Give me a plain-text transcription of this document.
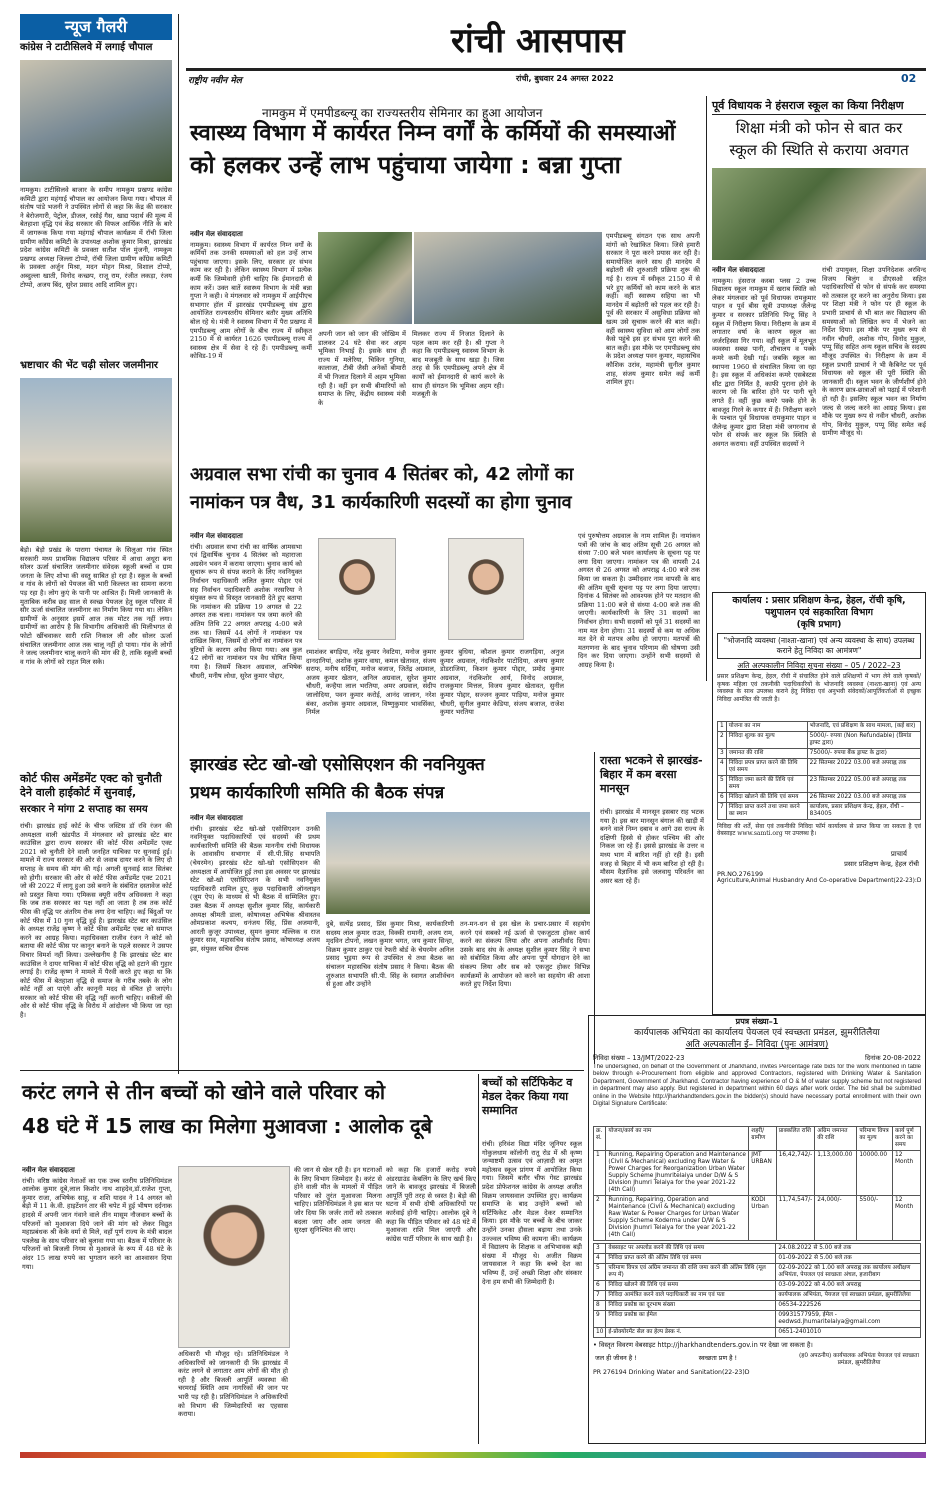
रांची आसपास
राष्ट्रीय नवीन मेल	रांची, बुधवार 24 अगस्त 2022	02
न्यूज गैलरी
कांग्रेस ने टाटीसिलवे में लगाई चौपाल
नामकुम। टाटीसिलवे बाजार के समीप नामकुम प्रखण्ड कांग्रेस कमिटी द्वारा महंगाई चौपाल का आयोजन किया गया। चौपाल में संतोष पांडे भजनी ने उपस्थित लोगों से कहा कि केंद्र की सरकार ने बेरोजगारी, पेट्रोल, डीजल, रसोई गैस, खाद्य पदार्थ की मूल्य में बेतहाशा वृद्धि एवं केंद्र सरकार की विफल आर्थिक नीति के बारे में जागरूक किया गया महंगाई चौपाल कार्यक्रम में रॉची जिला ग्रामीण कॉंग्रेस कमिटी के उपाध्यक्ष अशोक कुमार मिश्रा, झारखंड प्रदेश कांग्रेस कमिटी के प्रवक्ता सतीश पॉल मुंजनी, नामकुम प्रखण्ड अध्यक्ष जिल्ला टोप्पो, रॉची जिला ग्रामीण कॉंग्रेस कमिटी के प्रवक्ता अर्जुन मिश्रा, मदन मोहन मिश्रा, विशाल टोप्पो, अब्दुल्ला खाती, विनोद कच्छप, राजू राम, रंजीत लकड़ा, रंजय टोप्पो, अजय बिंद, सुरेश प्रसाद आदि शामिल हुए।
भ्रष्टाचार की भेंट चढ़ी सोलर जलमीनार
बेड़ो। बेड़ो प्रखंड के पारागा पंचायत के सिलुआ गांव स्थित सरकारी मध्य प्राथमिक विद्यालय परिसर में आधा अधूरा बना सोलर ऊर्जा संचालित जलमीनार संवेदक स्कूली बच्चों व ग्राम जनता के लिए शोभा की वस्तु साबित हो रहा है। स्कूल के बच्चों व गांव के लोगों को पेयजल की भारी किल्लत का सामना करना पड़ रहा है। लोग कुएं के पानी पर आश्रित हैं। मिली जानकारी के मुताबिक करीब छह साल से स्वच्छ पेयजल हेतु स्कूल परिसर में सौर ऊर्जा संचालित जलमीनार का निर्माण किया गया था। लेकिन ग्रामीणों के अनुसार इसमें आज तक मोटर तक नहीं लगा। ग्रामीणों का आरोप है कि विभागीय अधिकारी की मिलीभगत से फोटो खींचवाकर सारी राशि निकाल ली और सोलर ऊर्जा संचालित जलमीनार आज तक चालू नहीं हो पाया। गांव के लोगों ने जल्द जलमीनार चालू कराने की मांग की है, ताकि स्कूली बच्चों व गांव के लोगों को राहत मिल सके।
कोर्ट फीस अमेंडमेंट एक्ट को चुनौती देने वाली हाईकोर्ट में सुनवाई,
सरकार ने मांगा 2 सप्ताह का समय
रांची। झारखंड हाई कोर्ट के चीफ जस्टिस डॉ रवि रंजन की अध्यक्षता वाली खंडपीठ में मंगलवार को झारखंड स्टेट बार काउंसिल द्वारा राज्य सरकार की कोर्ट फीस अमेंडमेंट एक्ट 2021 को चुनौती देने वाली जनहित याचिका पर सुनवाई हुई। मामले में राज्य सरकार की ओर से जवाब दायर करने के लिए दो सप्ताह के समय की मांग की गई। अगली सुनवाई सात सितंबर को होगी। सरकार की ओर से कोर्ट फीस अमेंडमेंट एक्ट 2021 जो की 2022 में लागू हुआ उसे बनाने के संबंधित दस्तावेज कोर्ट को प्रस्तुत किया गया। एमिकस क्यूरी वरीय अधिवक्ता ने कहा कि जब तक सरकार का पक्ष नहीं आ जाता है तब तक कोर्ट फीस की वृद्धि पर अंतरिम रोक लगा देना चाहिए। कई बिंदुओं पर कोर्ट फीस में 10 गुना वृद्धि हुई है। झारखंड स्टेट बार काउंसिल के अध्यक्ष राजेंद्र कृष्ण ने कोर्ट फीस अमेंडमेंट एक्ट को समाप्त करने का आग्रह किया। महाधिवक्ता राजीव रंजन ने कोर्ट को बताया की कोर्ट फीस पर कानून बनाने के पहले सरकार ने उसपर विचार विमर्श नहीं किया। उल्लेखनीय है कि झारखंड स्टेट बार काउंसिल ने दायर याचिका में कोर्ट फीस वृद्धि को हटाने की गुहार लगाई है। राजेंद्र कृष्ण ने मामले में पैरवी करते हुए कहा था कि कोर्ट फीस में बेतहाशा वृद्धि से समाज के गरीब तबके के लोग कोर्ट नहीं आ पाएंगे और कानूनी मदद से वंचित हो जाएंगे। सरकार को कोर्ट फीस की वृद्धि नहीं करनी चाहिए। वकीलों की ओर से कोर्ट फीस वृद्धि के विरोध में आंदोलन भी किया जा रहा है।
नामकुम में एमपीडब्ल्यू का राज्यस्तरीय सेमिनार का हुआ आयोजन
स्वास्थ्य विभाग में कार्यरत निम्न वर्गों के कर्मियों की समस्याओं
को हलकर उन्हें लाभ पहुंचाया जायेगा : बन्ना गुप्ता
नवीन मेल संवाददाता
नामकुम। स्वास्थ्य विभाग में कार्यरत निम्न वर्गों के कर्मियों तक उनकी समस्याओं को हल उन्हें लाभ पहुंचाया जाएगा। इसके लिए, सरकार हर संभव काम कर रही है। लेकिन स्वास्थ्य विभाग में प्रत्येक कर्मी कि जिम्मेवारी होनी चाहिए कि ईमानदारी से काम करें। उक्त बातें स्वास्थ्य विभाग के मंत्री बन्ना गुप्ता ने कही। वे मंगलवार को नामकुम में आईपीएच सभागार हॉल में झारखंड एमपीडब्ल्यू संघ द्वारा आयोजित राज्यस्तरीय सेमिनार बतौर मुख्य अतिथि बोल रहे थे। मंत्री ने स्वास्थ्य विभाग में पैरा प्रखण्ड में एमपीडब्ल्यू आम लोगों के बीच राज्य में स्वीकृत 2150 में से कार्यरत 1626 एमपीडब्ल्यू राज्य में स्वास्थ्य क्षेत्र में सेवा दे रहे हैं। एमपीडब्ल्यू कर्मी कोविड-19 में
अपनी जान को जान की जोखिम में डालकर 24 घंटे सेवा कर अहम भूमिका निभाई है। इसके साथ ही राज्य में मलेरिया, चिकिन गुनिया, कालाजा, टीबी जैसी अनेकों बीमारी में भी निजात दिलाने में अहम भूमिका रही है। वहीं इन सभी बीमारियों को समाप्त के लिए, केंद्रीय स्वास्थ्य मंत्री के
मिलकर राज्य में निजात दिलाने के पहल काम कर रही है। श्री गुप्ता ने कहा कि एमपीडब्ल्यू स्वास्थ्य विभाग के बाद मजबूती के साथ खड़ा है। जिस तरह से कि एमपीडब्ल्यू अपने क्षेत्र में कार्यों को ईमानदारी से कार्य करने के साथ ही संगठन कि भूमिका अहम रही। मजबूती के
एमपीडब्ल्यू संगठन एक साथ अपनी मांगों को रेखांकित किया। जिसे हमारी सरकार ने पूरा करने प्रयास कर रही है। समायोजित करने साथ ही मानदेय में बढ़ोतरी की शुरुआती प्रक्रिया शुरू की गई है। राज्य में स्वीकृत 2150 में से भरे हुए कर्मियों को काम करने के बात कहीं। वहीं स्वास्थ्य सहिया का भी मानदेय में बढ़ोतरी को पहल कर रही है। पूर्व की सरकार में असुविधा प्रक्रिया को खत्म उसे सुचारू करने की बात कही। वहीं स्वास्थ्य सुविधा को आम लोगों तक कैसे पहुंचे इस हर संभव पूरा करने की बात कही। इस मौके पर एमपीडब्ल्यू संघ के प्रदेश अध्यक्ष पवन कुमार, महासचिव कौशिक उरांव, महामंत्री सुनील कुमार शाह, संजय कुमार समेत कई कर्मी शामिल हुए।
अग्रवाल सभा रांची का चुनाव 4 सितंबर को, 42 लोगों का
नामांकन पत्र वैध, 31 कार्यकारिणी सदस्यों का होगा चुनाव
नवीन मेल संवाददाता
रांची। अग्रवाल सभा रांची का वार्षिक आमसभा एवं द्विवार्षिक चुनाव 4 सितंबर को महाराजा अग्रसेन भवन में कराया जाएगा। चुनाव कार्य को सुचारू रूप से संपन्न कराने के लिए नवनियुक्त निर्वाचन पदाधिकारी ललित कुमार पोद्दार एवं सह निर्वाचन पदाधिकारी अशोक नरसरिया ने संयुक्त रूप से विस्तृत जानकारी देते हुए बताया कि नामांकन की प्रक्रिया 19 अगस्त से 22 अगस्त तक चला। नामांकन पत्र जमा करने की अंतिम तिथि 22 अगस्त अपराह्न 4:00 बजे तक था। जिसमें 44 लोगों ने नामांकन पत्र दाखिल किया, जिसमें दो लोगों का नामांकन पत्र त्रुटियों के कारण अवैध किया गया। अब कुल 42 लोगों का नामांकन पत्र वैध घोषित किया गया है। जिसमें किशन अग्रवाल, अभिषेक चौधरी, मनीष लोधा, सुरेश कुमार पोद्दार,
रमाशंकर बगड़िया, नरेंद्र कुमार नेवटिया, मनोज कुमार दानदानियां, अशोक कुमार वाघा, कमल खेतावत, संजय सराफ, मनीष सर्दिया, मनोज बजाज, जितेंद्र अग्रवाल, अजय कुमार खेतान, अनिल अग्रवाल, सुरेश कुमार चौधरी, कन्हैया लाल भरतिया, अमर अग्रवाल, संदीप जालोदिया, पवन कुमार करोई, आनंद जालान, नरेश बंका, अशोक कुमार अग्रवाल, विष्णुकुमार भावसिंका, निर्मल
कुमार बुधिया, कौशल कुमार राजगड़िया, अनुज कुमार अग्रवाल, नंदकिशोर पाटोदिया, अजय कुमार डोडराजिया, किशन कुमार पोद्दार, प्रमोद कुमार अग्रवाल, नंदकिशोर आर्य, विनोद अग्रवाल, राजकुमार मित्तल, विजय कुमार खेतावत, सुनील कुमार पोद्दार, सज्जन कुमार पाड़िया, मनोज कुमार चौधरी, सुनील कुमार केडिया, संजय बजाज, राजेश कुमार भरतिया
एवं पुरुषोत्तम अग्रवाल के नाम शामिल हैं। नामांकन पत्रों की जांच के बाद अंतिम सूची 26 अगस्त को संध्या 7:00 बजे भवन कार्यालय के सूचना पट्ट पर लगा दिया जाएगा। नामांकन पत्र की वापसी 24 अगस्त से 26 अगस्त को अपराह्न 4:00 बजे तक किया जा सकता है। उम्मीदवार नाम वापसी के बाद की अंतिम सूची सूचना पट्ट पर लगा दिया जाएगा। दिनांक 4 सितंबर को आवश्यक होने पर मतदान की प्रक्रिया 11:00 बजे से संध्या 4:00 बजे तक की जाएगी। कार्यकारिणी के लिए 31 सदस्यों का निर्वाचन होगा। सभी सदस्यों को पूर्व 31 सदस्यों का नाम मत देना होगा। 31 सदस्यों से कम या अधिक मत देने से मतपत्र अवैध हो जाएगा। मतपत्रों की मतगणना के बाद चुनाव परिणाम की घोषणा उसी दिन कर दिया जाएगा। उन्होंने सभी सदस्यों से आग्रह किया है।
झारखंड स्टेट खो-खो एसोसिएशन की नवनियुक्त
प्रथम कार्यकारिणी समिति की बैठक संपन्न
नवीन मेल संवाददाता
रांची। झारखंड स्टेट खो-खो एसोसिएशन उनकी नवनियुक्त पदाधिकारियों एवं सदस्यों की प्रथम कार्यकारिणी समिति की बैठक माननीय रांची विधायक के आवासीय सभागार में सी.पी.सिंह सभापति (चेयरमेन) झारखंड स्टेट खो-खो एसोसिएशन की अध्यक्षता में आयोजित हुई तथा इस अवसर पर झारखंड स्टेट खो-खो एसोसिएशन के सभी नवनियुक्त पदाधिकारी शामिल हुए, कुछ पदाधिकारी ऑनलाइन (ज़ूम ऐप) के माध्यम से भी बैठक में सम्मिलित हुए। उक्त बैठक में अध्यक्ष सुशील कुमार सिंह, कार्यकारी अध्यक्ष श्रीमती डाला, कोषाध्यक्ष अभिषेक श्रीवास्तव ओमप्रकाश कश्यप, धनंजय सिंह, प्रिंस अजमानी, आरती कुजूर उपाध्यक्ष, सुमन कुमार मल्लिक व राज कुमार साव, महासचिव संतोष प्रसाद, कोषाध्यक्ष अजय झा, संयुक्त सचिव दीपक
दुबे, सत्येंद्र प्रसाद, प्रिंस कुमार मिश्रा, कार्यकारिणी सदस्य लाल कुमार राउत, विक्की रामानी, अजय राम, मृदविन टोपनो, लखन कुमार भगत, जय कुमार सिन्हा, विक्रम कुमार ठाकुर एवं रेफरी बोर्ड के चेयरमेन अनिल प्रसाद भुइया रूप से उपस्थित थे तथा बैठक का संचालन महासचिव संतोष प्रसाद ने किया। बैठक की शुरुआत सभापति सी.पी. सिंह के स्वागत आशीर्वचन से हुआ और उन्होंने
तन-मन-धन से इस खेल के प्रचार-प्रसार में सहयोग करने एवं सबको नई ऊर्जा से एकजुटता होकर कार्य करने का संकल्प लिया और अपना आशीर्वाद दिया। उसके बाद संघ के अध्यक्ष सुशील कुमार सिंह ने सभा को संबोधित किया और अपना पूर्ण योगदान देने का संकल्प लिया और सब को एकजुट होकर विभिन्न कार्यक्रमों के आयोजन को करने का सहयोग की आशा करते हुए निर्देश दिया।
रास्ता भटकने से झारखंड-बिहार में कम बरसा मानसून
रांची। झारखंड में मानसून इसबार राह भटक गया है। इस बार मानसून बंगाल की खाड़ी में बनने वाले निम्न दबाव व आगे उस राज्य के दक्षिणी हिस्से से होकर पश्चिम की ओर निकल जा रहे हैं। इससे झारखंड के उत्तर व मध्य भाग में बारिश नहीं हो रही है। इसी वजह से बिहार में भी कम बारिश हो रही है। मौसम वैज्ञानिक इसे जलवायु परिवर्तन का असर बता रहे हैं।
पूर्व विधायक ने हंसराज स्कूल का किया निरीक्षण
शिक्षा मंत्री को फोन से बात कर
स्कूल की स्थिति से कराया अवगत
नवीन मेल संवाददाता
नामकुम। हंसराज कस्बा प्लस 2 उच्च विद्यालय स्कूल नामकुम में खराब स्थिति को लेकर मंगलवार को पूर्व विधायक रामकुमार पाहन व पूर्व बीस सूत्री उपाध्यक्ष जैलेन्द्र कुमार व सरकार प्रतिनिधि पिन्टू सिंह ने स्कूल में निरीक्षण किया। निरीक्षण के क्रम में लगातार वर्षा के कारण स्कूल का जर्जरहिस्सा गिर गया। वहीं स्कूल में मूलभूत व्यवस्था सबछ पानी, शौचालय व पक्के कमरे कमी देखी गई। जबकि स्कूल का स्थापना 1960 से संचालित किया जा रहा है। इस स्कूल में अधिकांश कमरे एसबेस्टस सीट द्वारा निर्मित है, काफी पुराना होने के कारण जो कि बारिश होने पर पानी चूने लगते हैं। वहीं कुछ कमरे पक्के होने के बावजूद गिरने के कगार में हैं। निरीक्षण करने के पश्चात पूर्व विधायक रामकुमार पाहन व जैलेन्द्र कुमार द्वारा शिक्षा मंत्री जगरनाथ से फोन से संपर्क कर स्कूल कि स्थिति से अवगत कराया। वहीं उपस्थित सदस्यों ने
रांची उपायुक्त, शिक्षा उपनिदेशक अरविन्द विजय बिलुंग व डीएसओ सहित पदाधिकारियों से फोन से संपर्क कर समस्या को तत्काल दूर करने का अनुरोध किया। इस पर शिक्षा मंत्री ने फोन पर ही स्कूल के प्रभारी प्राचार्य से भी बात कर विद्यालय की समस्याओं को लिखित रूप में भेजने का निर्देश दिया। इस मौके पर मुख्य रूप से नवीन चौधरी, अशोक गोप, विनोद मुकुल, पप्पू सिंह सहित अन्य स्कूल सचिव के सदस्य मौजूद उपस्थित थे। निरीक्षण के क्रम में स्कूल प्रभारी प्राचार्य ने भी कैबिनेट पर पूर्व विधायक को स्कूल की पूरी स्थिति की जानकारी दी। स्कूल भवन के जीर्णशीर्ण होने के कारण छात्र-छात्राओं को पढ़ाई में परेशानी हो रही है। इसलिए स्कूल भवन का निर्माण जल्द से जल्द करने का आग्रह किया। इस मौके पर मुख्य रूप से नवीन चौधरी, अशोक गोप, विनोद मुकुल, पप्पू सिंह समेत कई ग्रामीण मौजूद थे।
कार्यालय : प्रसार प्रशिक्षण केन्द्र, हेहल, रॉची कृषि, पशुपालन एवं सहकारिता विभाग
(कृषि प्रभाग)
"भोजनादि व्यवस्था (नाश्ता-खाना) एवं अन्य व्यवस्था के साथ) उपलब्ध कराने हेतु निविदा का आमंत्रण"
अति अल्पकालीन निविदा सूचना संख्या – 05 / 2022–23
प्रसार प्रशिक्षण केन्द्र, हेहल, रॉची में संचालित होने वाले प्रशिक्षणों में भाग लेने वाले कृषकों/कृषक महिला एवं तकनीकी पदाधिकारियों के भोजनादि व्यवस्था (नाश्ता-खाना) एवं अन्य व्यवस्था के साथ उपलब्ध कराने हेतु निविदा एवं अनुभवी संवेदकों/आपूर्तिकर्ताओं से इच्छुक निविदा आमंत्रित की जाती है।
1	योजना का नाम	भोजनादि, एवं प्रशिक्षण के साथ मामला, (कई बार)
2	निविदा शुल्क का मूल्य	5000/- रुपया (Non Refundable) (डिमांड ड्राफ्ट द्वारा)
3	जमानत की राशि	75000/- रुपया बैंक ड्राफ्ट के द्वारा)
4	निविदा प्रपत्र प्राप्त करने की तिथि एवं समय	22 सितम्बर 2022 03.00 बजे अपराह्न तक
5	निविदा जमा करने की तिथि एवं समय	23 सितम्बर 2022 05.00 बजे अपराह्न तक
6	निविदा खोलने की तिथि एवं समय	26 सितम्बर 2022 03.00 बजे अपराह्न तक
7	निविदा प्राप्त करने तथा जमा करने का स्थान	कार्यालय, प्रसार प्रशिक्षण केन्द्र, हेहल, रॉची – 834005
निविदा की शर्तें, सेवा एवं तकनीकी निविदा फॉर्म कार्यालय से प्राप्त किया जा सकता है एवं वेबसाइट www.samti.org पर उपलब्ध है।
प्राचार्य
प्रसार प्रशिक्षण केन्द्र, हेहल रॉची
PR.NO.276199
Agriculture,Animal Husbandry And Co-operative Department(22-23):D
प्रपत्र संख्या–1
कार्यपालक अभियंता का कार्यालय पेयजल एवं स्वच्छता प्रमंडल, झुमरीतिलैया
अति अल्पकालीन ई– निविदा (पुनः आमंत्रण)
निविदा संख्या – 13/JMT/2022-23	दिनांक 20-08-2022
The undersigned, on behalf of the Government of Jharkhand, invites Percentage rate bids for the work mentioned in table below through e-Procurement from eligible and approved Contractors, registered with Drinking Water & Sanitation Department, Government of Jharkhand. Contractor having experience of O & M of water supply scheme but not registered in department may also apply. But registered in department within 60 days after work order. The bid shall be submitted online in the Website http://jharkhandtenders.gov.in the bidder(s) should have necessary portal enrollment with their own Digital Signature Certificate:
क्र. सं.	योजना/कार्य का नाम	शहरी/ग्रामीण	प्राक्कलित राशि	अग्रिम जमानत की राशि	परिमाण विपत्र का मूल्य	कार्य पूर्ण करने का समय
1	Running, Repairing Operation and Maintenance (Civil & Mechanical) excluding Raw Water & Power Charges for Reorganization Urban Water Supply Scheme Jhumritelaiya under D/W & S Division Jhumri Telaiya for the year 2021-22 (4th Call)	JMT URBAN	16,42,742/-	1,13,000.00	10000.00	12 Month
2	Running, Repairing, Operation and Maintenance (Civil & Mechanical) excluding Raw Water & Power Charges for Urban Water Supply Scheme Koderma under D/W & S Division Jhumri Telaiya for the year 2021-22 (4th Call)	KODI Urban	11,74,547/-	24,000/-	5500/-	12 Month
3	वेबसाइट पर अपलोड करने की तिथि एवं समय	24.08.2022 से 5.00 बजे तक
4	निविदा प्राप्त करने की अंतिम तिथि एवं समय	01-09-2022 से 5.00 बजे तक
5	परिमाण विपत्र एवं अग्रिम जमानत की राशि जमा करने की अंतिम तिथि (मूल रूप में)	02-09-2022 को 1.00 बजे अपराह्न तक कार्यालय अधीक्षण अभियंता, पेयजल एवं स्वच्छता अंचल, हजारीबाग
6	निविदा खोलने की तिथि एवं समय	03-09-2022 को 4.00 बजे अपराह्न
7	निविदा आमंत्रित करने वाले पदाधिकारी का नाम एवं पता	कार्यपालक अभियंता, पेयजल एवं स्वच्छता प्रमंडल, झुमरीतिलैया
8	निविदा प्रकोष्ठ का दूरभाष संख्या	06534-222526
9	निविदा प्रकोष्ठ का ईमेल	09931577959, ईमेल - eedwsd.jhumaritelaiya@gmail.com
10	ई-प्रोक्योरमेंट सेल का हेल्प डेस्क नं.	0651-2401010
• विस्तृत विवरण वेबसाइट http://jharkhandtenders.gov.in पर देखा जा सकता है।
जल ही जीवन है !	स्वच्छता प्रण है !	(ह0 अपठनीय) कार्यपालक अभियंता पेयजल एवं स्वच्छता प्रमंडल, झुमरीतिलैया
PR 276194 Drinking Water and Sanitation(22-23)D
करंट लगने से तीन बच्चों को खोने वाले परिवार को
48 घंटे में 15 लाख का मिलेगा मुआवजा : आलोक दूबे
नवीन मेल संवाददाता
रांची। वरिष्ठ कांग्रेस नेताओं का एक उच्च स्तरीय प्रतिनिधिमंडल आलोक कुमार दूबे,लाल किशोर नाथ शाहदेव,डॉ.राजेश गुप्ता, कुमार राजा, अभिषेक साहू, व शशि यादव ने 14 अगस्त को बेड़ो में 11 के.वी. हाइटेंशन तार की चपेट में हुई भीषण दर्दनाक हादसे में अपनी जान गंवाने वाले तीन मासूम नौजवान बच्चों के परिजनों को मुआवजा दिये जाने की मांग को लेकर विद्युत महाप्रबंधक श्री केके वर्मा से मिले, वहाँ पूर्ण राज्य के मंत्री बादल पत्रलेख के साथ परिवार को बुलावा गया था। बैठक में परिवार के परिजनों को बिजली निगम से मुआवजे के रूप में 48 घंटे के अंदर 15 लाख रुपये का भुगतान करने का आश्वासन दिया गया।
अधिकारी भी मौजूद रहे। प्रतिनिधिमंडल ने अधिकारियों को जानकारी दी कि झारखंड में करंट लगने से लगातार आम लोगों की मौत हो रही है और बिजली आपूर्ति व्यवस्था की चरमराई स्थिति आम नागरिकों की जान पर भारी पड़ रही है। प्रतिनिधिमंडल ने अधिकारियों को विभाग की जिम्मेदारियों का एहसास कराया।
की जान से खेल रही है। इन घटनाओं के लिए विभाग जिम्मेदार है। करंट से होने वाली मौत के मामलों में पीड़ित परिवार को तुरंत मुआवजा मिलना चाहिए। प्रतिनिधिमंडल ने इस बात पर जोर दिया कि जर्जर तारों को तत्काल बदला जाए और आम जनता की सुरक्षा सुनिश्चित की जाए।
को कहा कि हजारों करोड़ रुपये अंडरग्राउंड केबलिंग के लिए खर्च किए जाने के बावजूद झारखंड में बिजली आपूर्ति पूरी तरह से ध्वस्त है। बेड़ो की घटना में सभी दोषी अधिकारियों पर कार्रवाई होनी चाहिए। आलोक दूबे ने कहा कि पीड़ित परिवार को 48 घंटे में मुआवजा राशि मिल जाएगी और कांग्रेस पार्टी परिवार के साथ खड़ी है।
बच्चों को सर्टिफिकेट व मेडल देकर किया गया सम्मानित
रांची। हरिवंश विद्या मंदिर जूनियर स्कूल गोकुलधाम कॉलोनी रातू रोड में श्री कृष्ण जन्माष्टमी उत्सव एवं आज़ादी का अमृत महोत्सव स्कूल प्रांगण में आयोजित किया गया। जिसमें बतौर चीफ गेस्ट झारखंड प्रदेश प्रोफेशनल कांग्रेस के अध्यक्ष अजीत विक्रम जायसवाल उपस्थित हुए। कार्यक्रम समाप्ति के बाद उन्होंने बच्चों को सर्टिफिकेट और मेडल देकर सम्मानित किया। इस मौके पर बच्चों के बीच जाकर उन्होंने उनका हौसला बढ़ाया तथा उनके उज्ज्वल भविष्य की कामना की। कार्यक्रम में विद्यालय के शिक्षक व अभिभावक बड़ी संख्या में मौजूद थे। अजीत विक्रम जायसवाल ने कहा कि बच्चे देश का भविष्य हैं, उन्हें अच्छी शिक्षा और संस्कार देना हम सभी की जिम्मेदारी है।
